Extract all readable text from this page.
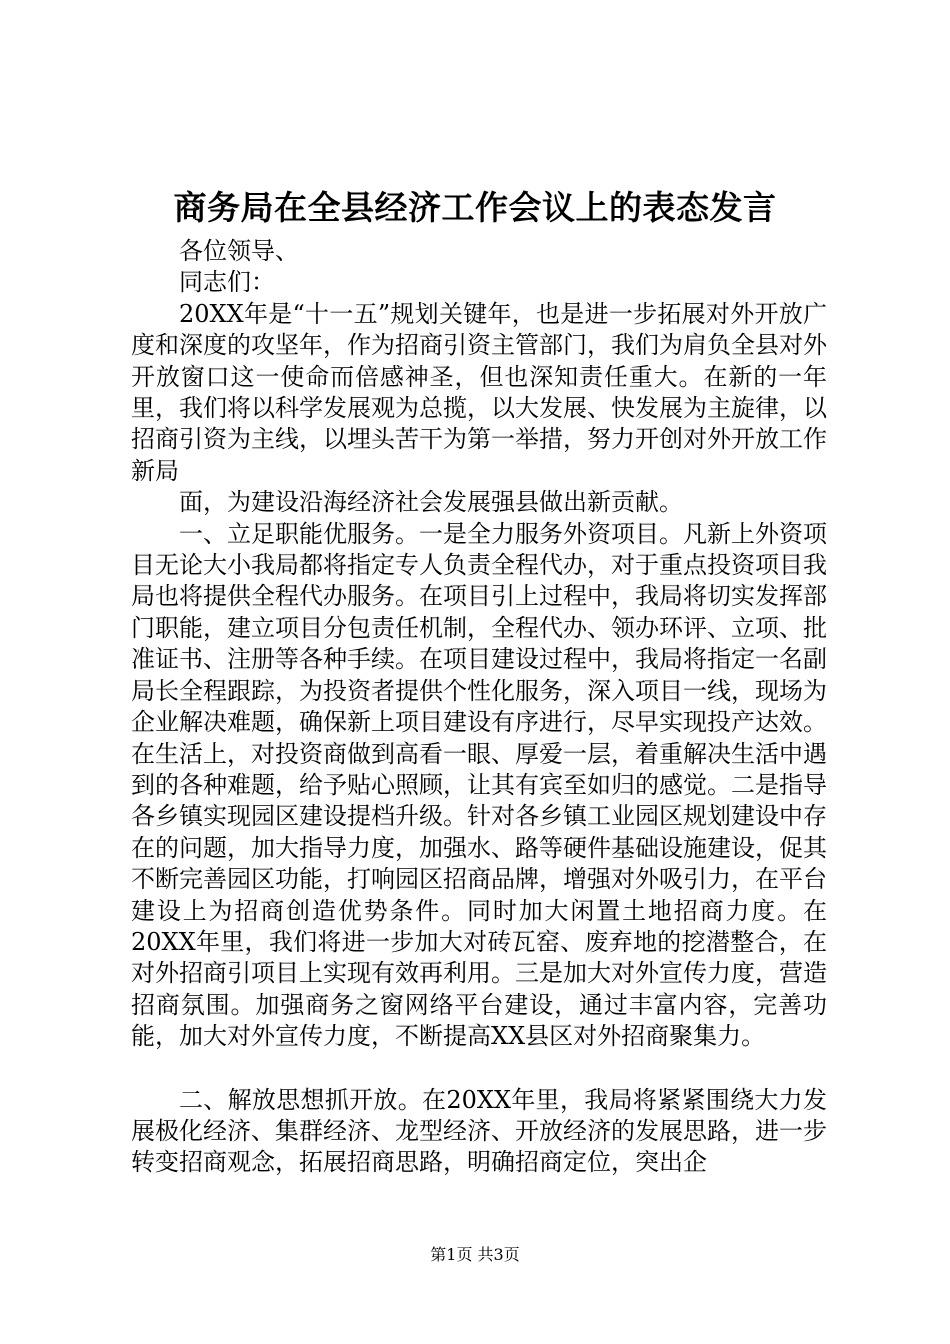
商务局在全县经济工作会议上的表态发言

各位领导、

同志们：

20XX年是“十一五”规划关键年，也是进一步拓展对外开放广度和深度的攻坚年，作为招商引资主管部门，我们为肩负全县对外开放窗口这一使命而倍感神圣，但也深知责任重大。在新的一年里，我们将以科学发展观为总揽，以大发展、快发展为主旋律，以招商引资为主线，以埋头苦干为第一举措，努力开创对外开放工作新局

面，为建设沿海经济社会发展强县做出新贡献。

一、立足职能优服务。一是全力服务外资项目。凡新上外资项目无论大小我局都将指定专人负责全程代办，对于重点投资项目我局也将提供全程代办服务。在项目引上过程中，我局将切实发挥部门职能，建立项目分包责任机制，全程代办、领办环评、立项、批准证书、注册等各种手续。在项目建设过程中，我局将指定一名副局长全程跟踪，为投资者提供个性化服务，深入项目一线，现场为企业解决难题，确保新上项目建设有序进行，尽早实现投产达效。在生活上，对投资商做到高看一眼、厚爱一层，着重解决生活中遇到的各种难题，给予贴心照顾，让其有宾至如归的感觉。二是指导各乡镇实现园区建设提档升级。针对各乡镇工业园区规划建设中存在的问题，加大指导力度，加强水、路等硬件基础设施建设，促其不断完善园区功能，打响园区招商品牌，增强对外吸引力，在平台建设上为招商创造优势条件。同时加大闲置土地招商力度。在20XX年里，我们将进一步加大对砖瓦窑、废弃地的挖潜整合，在对外招商引项目上实现有效再利用。三是加大对外宣传力度，营造招商氛围。加强商务之窗网络平台建设，通过丰富内容，完善功能，加大对外宣传力度，不断提高XX县区对外招商聚集力。

二、解放思想抓开放。在20XX年里，我局将紧紧围绕大力发展极化经济、集群经济、龙型经济、开放经济的发展思路，进一步转变招商观念，拓展招商思路，明确招商定位，突出企

第1页 共3页
